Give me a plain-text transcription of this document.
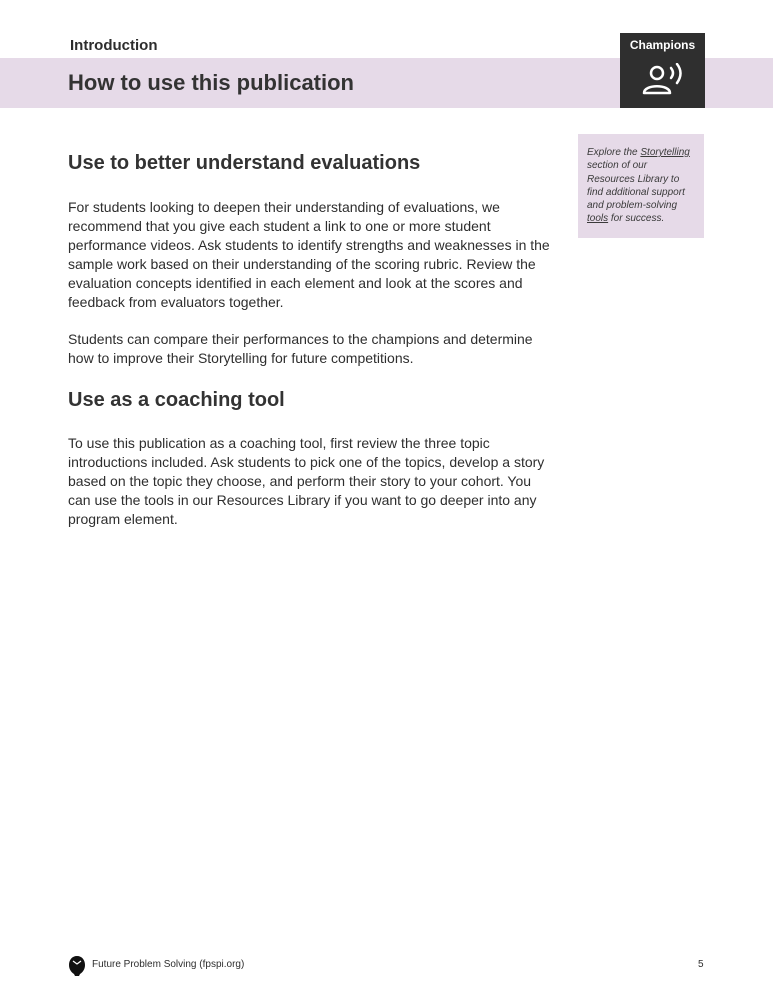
Introduction
How to use this publication
Champions
Use to better understand evaluations

For students looking to deepen their understanding of evaluations, we recommend that you give each student a link to one or more student performance videos. Ask students to identify strengths and weaknesses in the sample work based on their understanding of the scoring rubric. Review the evaluation concepts identified in each element and look at the scores and feedback from evaluators together.

Students can compare their performances to the champions and determine how to improve their Storytelling for future competitions.

Use as a coaching tool

To use this publication as a coaching tool, first review the three topic introductions included. Ask students to pick one of the topics, develop a story based on the topic they choose, and perform their story to your cohort. You can use the tools in our Resources Library if you want to go deeper into any program element.

Explore the Storytelling section of our Resources Library to find additional support and problem-solving tools for success.
Future Problem Solving (fpspi.org)	5
